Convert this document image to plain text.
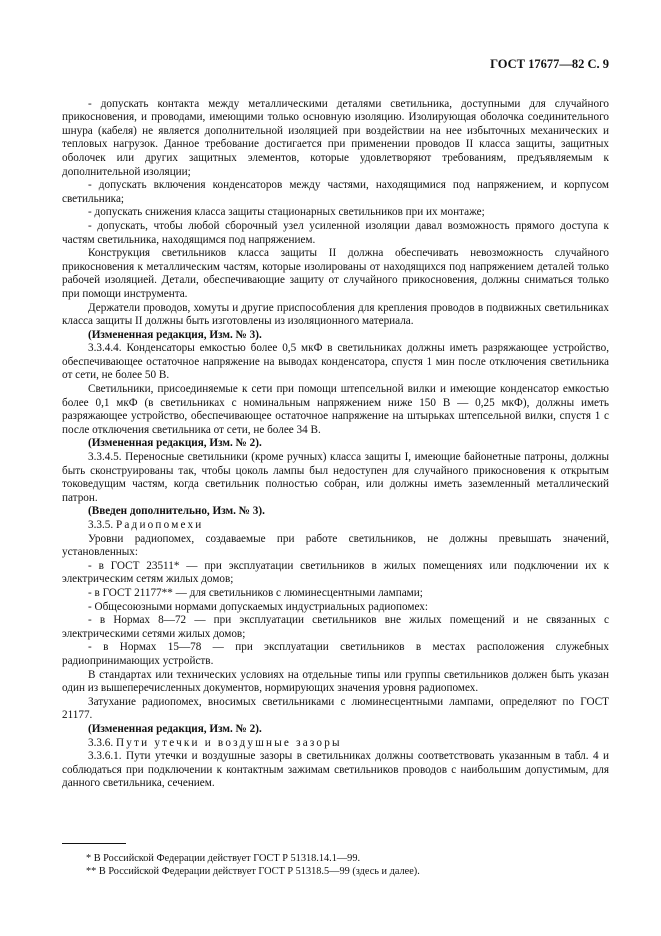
ГОСТ 17677—82 С. 9

- допускать контакта между металлическими деталями светильника, доступными для случайного прикосновения, и проводами, имеющими только основную изоляцию. Изолирующая оболочка соединительного шнура (кабеля) не является дополнительной изоляцией при воздействии на нее избыточных механических и тепловых нагрузок. Данное требование достигается при применении проводов II класса защиты, защитных оболочек или других защитных элементов, которые удовлетворяют требованиям, предъявляемым к дополнительной изоляции;

- допускать включения конденсаторов между частями, находящимися под напряжением, и корпусом светильника;

- допускать снижения класса защиты стационарных светильников при их монтаже;

- допускать, чтобы любой сборочный узел усиленной изоляции давал возможность прямого доступа к частям светильника, находящимся под напряжением.

Конструкция светильников класса защиты II должна обеспечивать невозможность случайного прикосновения к металлическим частям, которые изолированы от находящихся под напряжением деталей только рабочей изоляцией. Детали, обеспечивающие защиту от случайного прикосновения, должны сниматься только при помощи инструмента.

Держатели проводов, хомуты и другие приспособления для крепления проводов в подвижных светильниках класса защиты II должны быть изготовлены из изоляционного материала.

(Измененная редакция, Изм. № 3).

3.3.4.4. Конденсаторы емкостью более 0,5 мкФ в светильниках должны иметь разряжающее устройство, обеспечивающее остаточное напряжение на выводах конденсатора, спустя 1 мин после отключения светильника от сети, не более 50 В.

Светильники, присоединяемые к сети при помощи штепсельной вилки и имеющие конденсатор емкостью более 0,1 мкФ (в светильниках с номинальным напряжением ниже 150 В — 0,25 мкФ), должны иметь разряжающее устройство, обеспечивающее остаточное напряжение на штырьках штепсельной вилки, спустя 1 с после отключения светильника от сети, не более 34 В.

(Измененная редакция, Изм. № 2).

3.3.4.5. Переносные светильники (кроме ручных) класса защиты I, имеющие байонетные патроны, должны быть сконструированы так, чтобы цоколь лампы был недоступен для случайного прикосновения к открытым токоведущим частям, когда светильник полностью собран, или должны иметь заземленный металлический патрон.

(Введен дополнительно, Изм. № 3).

3.3.5. Радиопомехи

Уровни радиопомех, создаваемые при работе светильников, не должны превышать значений, установленных:

- в ГОСТ 23511* — при эксплуатации светильников в жилых помещениях или подключении их к электрическим сетям жилых домов;

- в ГОСТ 21177** — для светильников с люминесцентными лампами;

- Общесоюзными нормами допускаемых индустриальных радиопомех:

- в Нормах 8—72 — при эксплуатации светильников вне жилых помещений и не связанных с электрическими сетями жилых домов;

- в Нормах 15—78 — при эксплуатации светильников в местах расположения служебных радиопринимающих устройств.

В стандартах или технических условиях на отдельные типы или группы светильников должен быть указан один из вышеперечисленных документов, нормирующих значения уровня радиопомех.

Затухание радиопомех, вносимых светильниками с люминесцентными лампами, определяют по ГОСТ 21177.

(Измененная редакция, Изм. № 2).

3.3.6. Пути утечки и воздушные зазоры

3.3.6.1. Пути утечки и воздушные зазоры в светильниках должны соответствовать указанным в табл. 4 и соблюдаться при подключении к контактным зажимам светильников проводов с наибольшим допустимым, для данного светильника, сечением.

* В Российской Федерации действует ГОСТ Р 51318.14.1—99.

** В Российской Федерации действует ГОСТ Р 51318.5—99 (здесь и далее).
